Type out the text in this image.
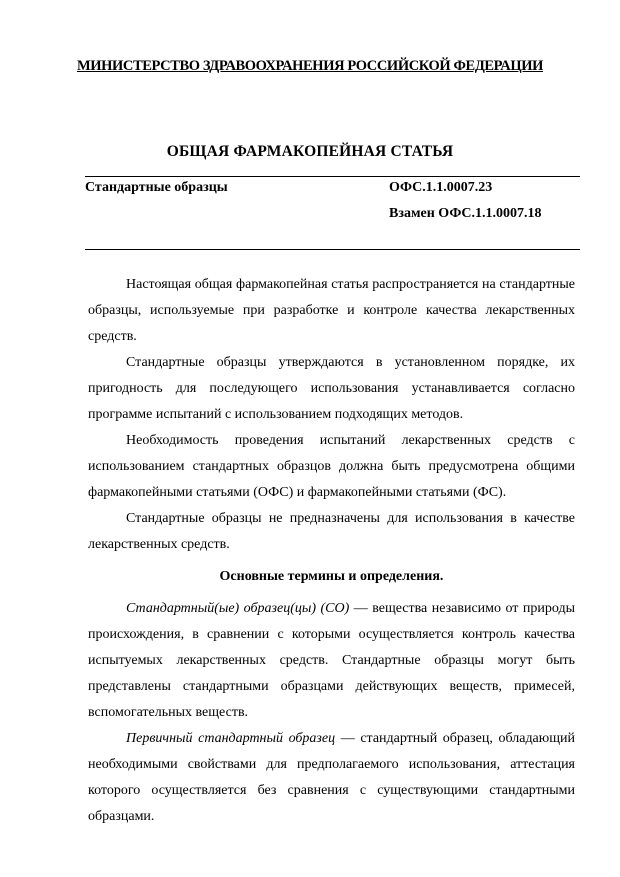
МИНИСТЕРСТВО ЗДРАВООХРАНЕНИЯ РОССИЙСКОЙ ФЕДЕРАЦИИ
ОБЩАЯ ФАРМАКОПЕЙНАЯ СТАТЬЯ
Стандартные образцы	ОФС.1.1.0007.23
Взамен ОФС.1.1.0007.18

Настоящая общая фармакопейная статья распространяется на стандартные образцы, используемые при разработке и контроле качества лекарственных средств.

Стандартные образцы утверждаются в установленном порядке, их пригодность для последующего использования устанавливается согласно программе испытаний с использованием подходящих методов.

Необходимость проведения испытаний лекарственных средств с использованием стандартных образцов должна быть предусмотрена общими фармакопейными статьями (ОФС) и фармакопейными статьями (ФС).

Стандартные образцы не предназначены для использования в качестве лекарственных средств.

Основные термины и определения.

Стандартный(ые) образец(цы) (СО) — вещества независимо от природы происхождения, в сравнении с которыми осуществляется контроль качества испытуемых лекарственных средств. Стандартные образцы могут быть представлены стандартными образцами действующих веществ, примесей, вспомогательных веществ.

Первичный стандартный образец — стандартный образец, обладающий необходимыми свойствами для предполагаемого использования, аттестация которого осуществляется без сравнения с существующими стандартными образцами.
